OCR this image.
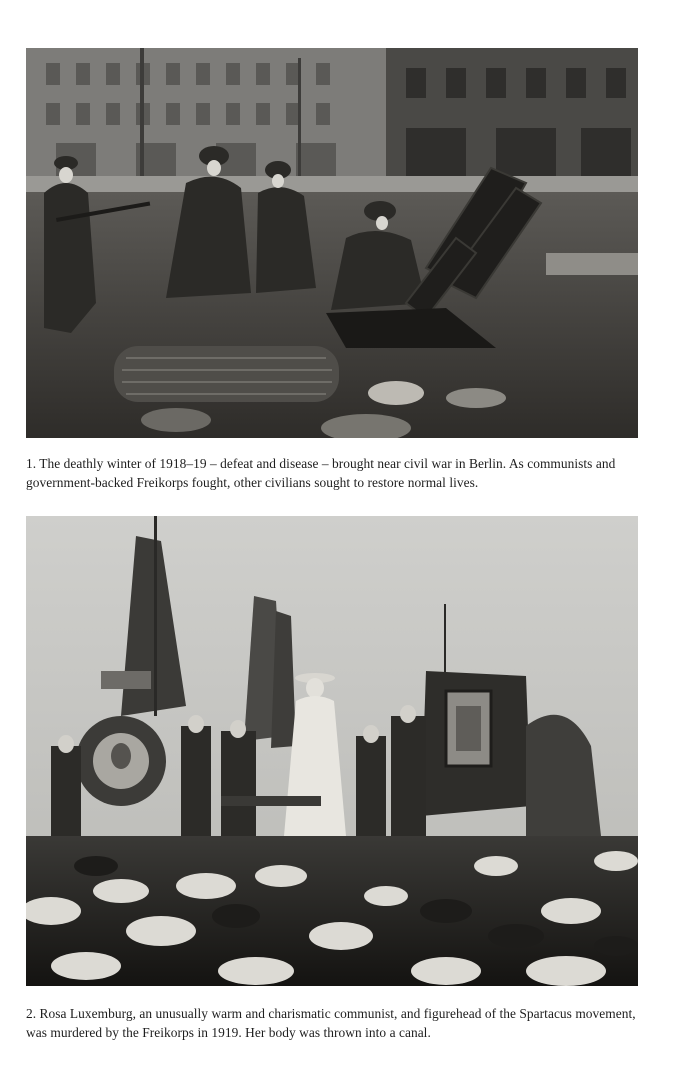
1. The deathly winter of 1918–19 – defeat and disease – brought near civil war in Berlin. As communists and government-backed Freikorps fought, other civilians sought to restore normal lives.
2. Rosa Luxemburg, an unusually warm and charismatic communist, and figurehead of the Spartacus movement, was murdered by the Freikorps in 1919. Her body was thrown into a canal.
